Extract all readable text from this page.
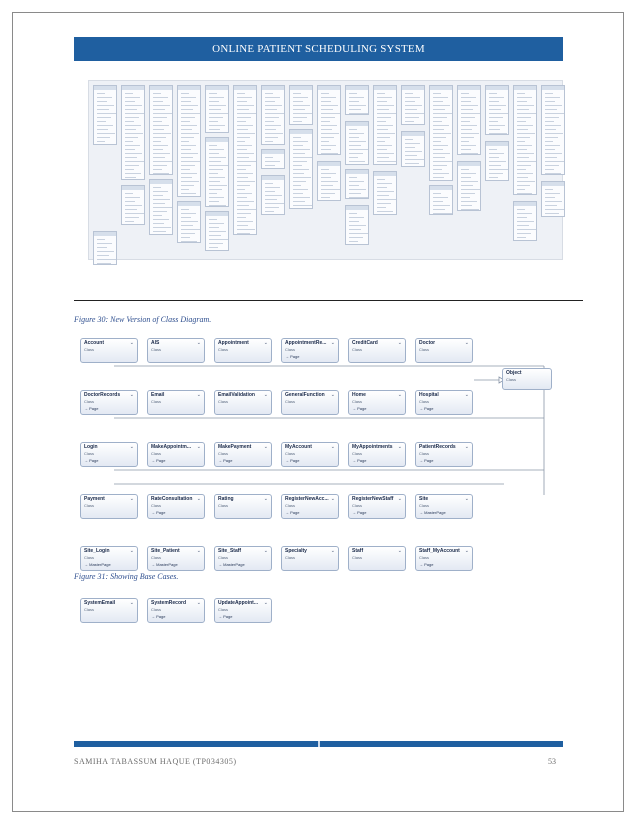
ONLINE PATIENT SCHEDULING SYSTEM
Figure 30: New Version of Class Diagram.
Account	⌄
Class
AIS	⌄
Class
Appointment	⌄
Class
AppointmentRe... ⌄
Class
→ Page
CreditCard	⌄
Class
Doctor	⌄
Class
DoctorRecords ⌄
Class
→ Page
Email	⌄
Class
EmailValidation ⌄
Class
GeneralFunction ⌄
Class
Home	⌄
Class
→ Page
Hospital	⌄
Class
→ Page
Login	⌄
Class
→ Page
MakeAppointm... ⌄
Class
→ Page
MakePayment ⌄
Class
→ Page
MyAccount	⌄
Class
→ Page
MyAppointments ⌄
Class
→ Page
PatientRecords ⌄
Class
→ Page
Payment	⌄
Class
RateConsultation ⌄
Class
→ Page
Rating	⌄
Class
RegisterNewAcc... ⌄
Class
→ Page
RegisterNewStaff ⌄
Class
→ Page
Site	⌄
Class
→ MasterPage
Site_Login	⌄
Class
→ MasterPage
Site_Patient	⌄
Class
→ MasterPage
Site_Staff	⌄
Class
→ MasterPage
Specialty	⌄
Class
Staff	⌄
Class
Staff_MyAccount ⌄
Class
→ Page
SystemEmail	⌄
Class
SystemRecord ⌄
Class
→ Page
UpdateAppoint... ⌄
Class
→ Page
Object
Class
Figure 31: Showing Base Cases.
SAMIHA TABASSUM HAQUE (TP034305)	53
